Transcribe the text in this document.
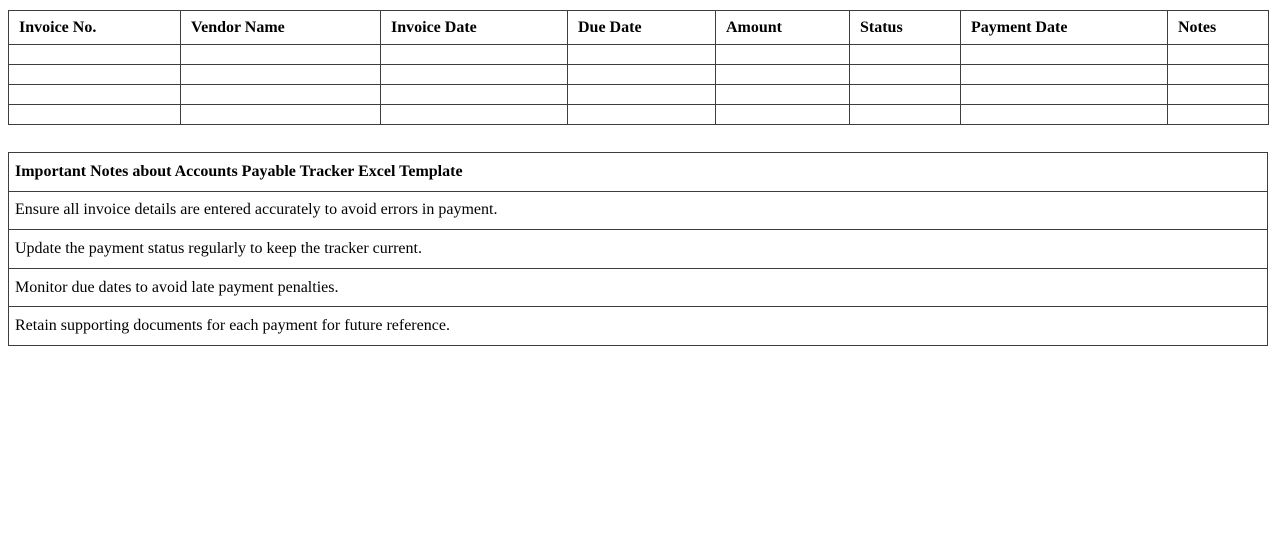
Invoice No.	Vendor Name	Invoice Date	Due Date	Amount	Status	Payment Date	Notes

Important Notes about Accounts Payable Tracker Excel Template
Ensure all invoice details are entered accurately to avoid errors in payment.
Update the payment status regularly to keep the tracker current.
Monitor due dates to avoid late payment penalties.
Retain supporting documents for each payment for future reference.
